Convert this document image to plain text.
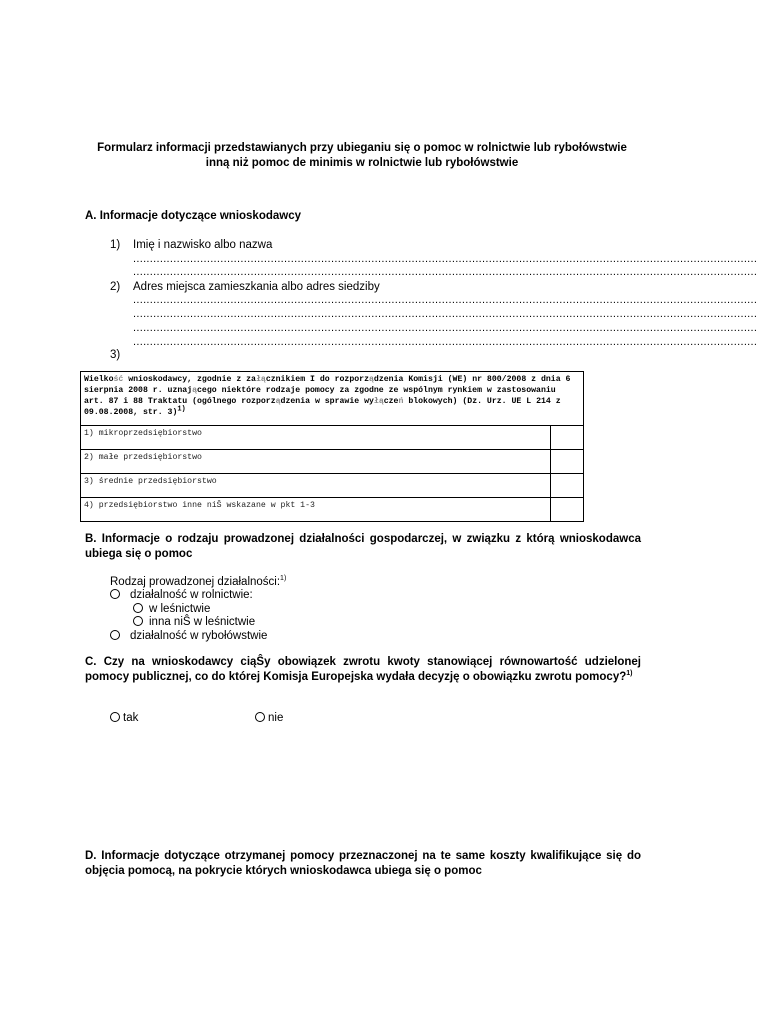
Formularz informacji przedstawianych przy ubieganiu się o pomoc w rolnictwie lub rybołówstwie
inną niż pomoc de minimis w rolnictwie lub rybołówstwie
A. Informacje dotyczące wnioskodawcy
1) Imię i nazwisko albo nazwa
..........................................................................................................................................................................................
..........................................................................................................................................................................................
2) Adres miejsca zamieszkania albo adres siedziby
..........................................................................................................................................................................................
..........................................................................................................................................................................................
..........................................................................................................................................................................................
..........................................................................................................................................................................................
3)
Wielkość wnioskodawcy, zgodnie z załącznikiem I do rozporządzenia Komisji (WE) nr 800/2008 z dnia 6 sierpnia 2008 r. uznającego niektóre rodzaje pomocy za zgodne ze wspólnym rynkiem w zastosowaniu art. 87 i 88 Traktatu (ogólnego rozporządzenia w sprawie wyłączeń blokowych) (Dz. Urz. UE L 214 z 09.08.2008, str. 3)$^{1)}$
1) mikroprzedsiębiorstwo	
2) małe przedsiębiorstwo	
3) średnie przedsiębiorstwo	
4) przedsiębiorstwo inne niŜ wskazane w pkt 1-3	
B. Informacje o rodzaju prowadzonej działalności gospodarczej, w związku z którą wnioskodawca ubiega się o pomoc
Rodzaj prowadzonej działalności:$^{1)}$
działalność w rolnictwie:
w leśnictwie
inna niŜ w leśnictwie
działalność w rybołówstwie
C. Czy na wnioskodawcy ciąŜy obowiązek zwrotu kwoty stanowiącej równowartość udzielonej pomocy publicznej, co do której Komisja Europejska wydała decyzję o obowiązku zwrotu pomocy?$^{1)}$
tak	nie
D. Informacje dotyczące otrzymanej pomocy przeznaczonej na te same koszty kwalifikujące się do objęcia pomocą, na pokrycie których wnioskodawca ubiega się o pomoc
